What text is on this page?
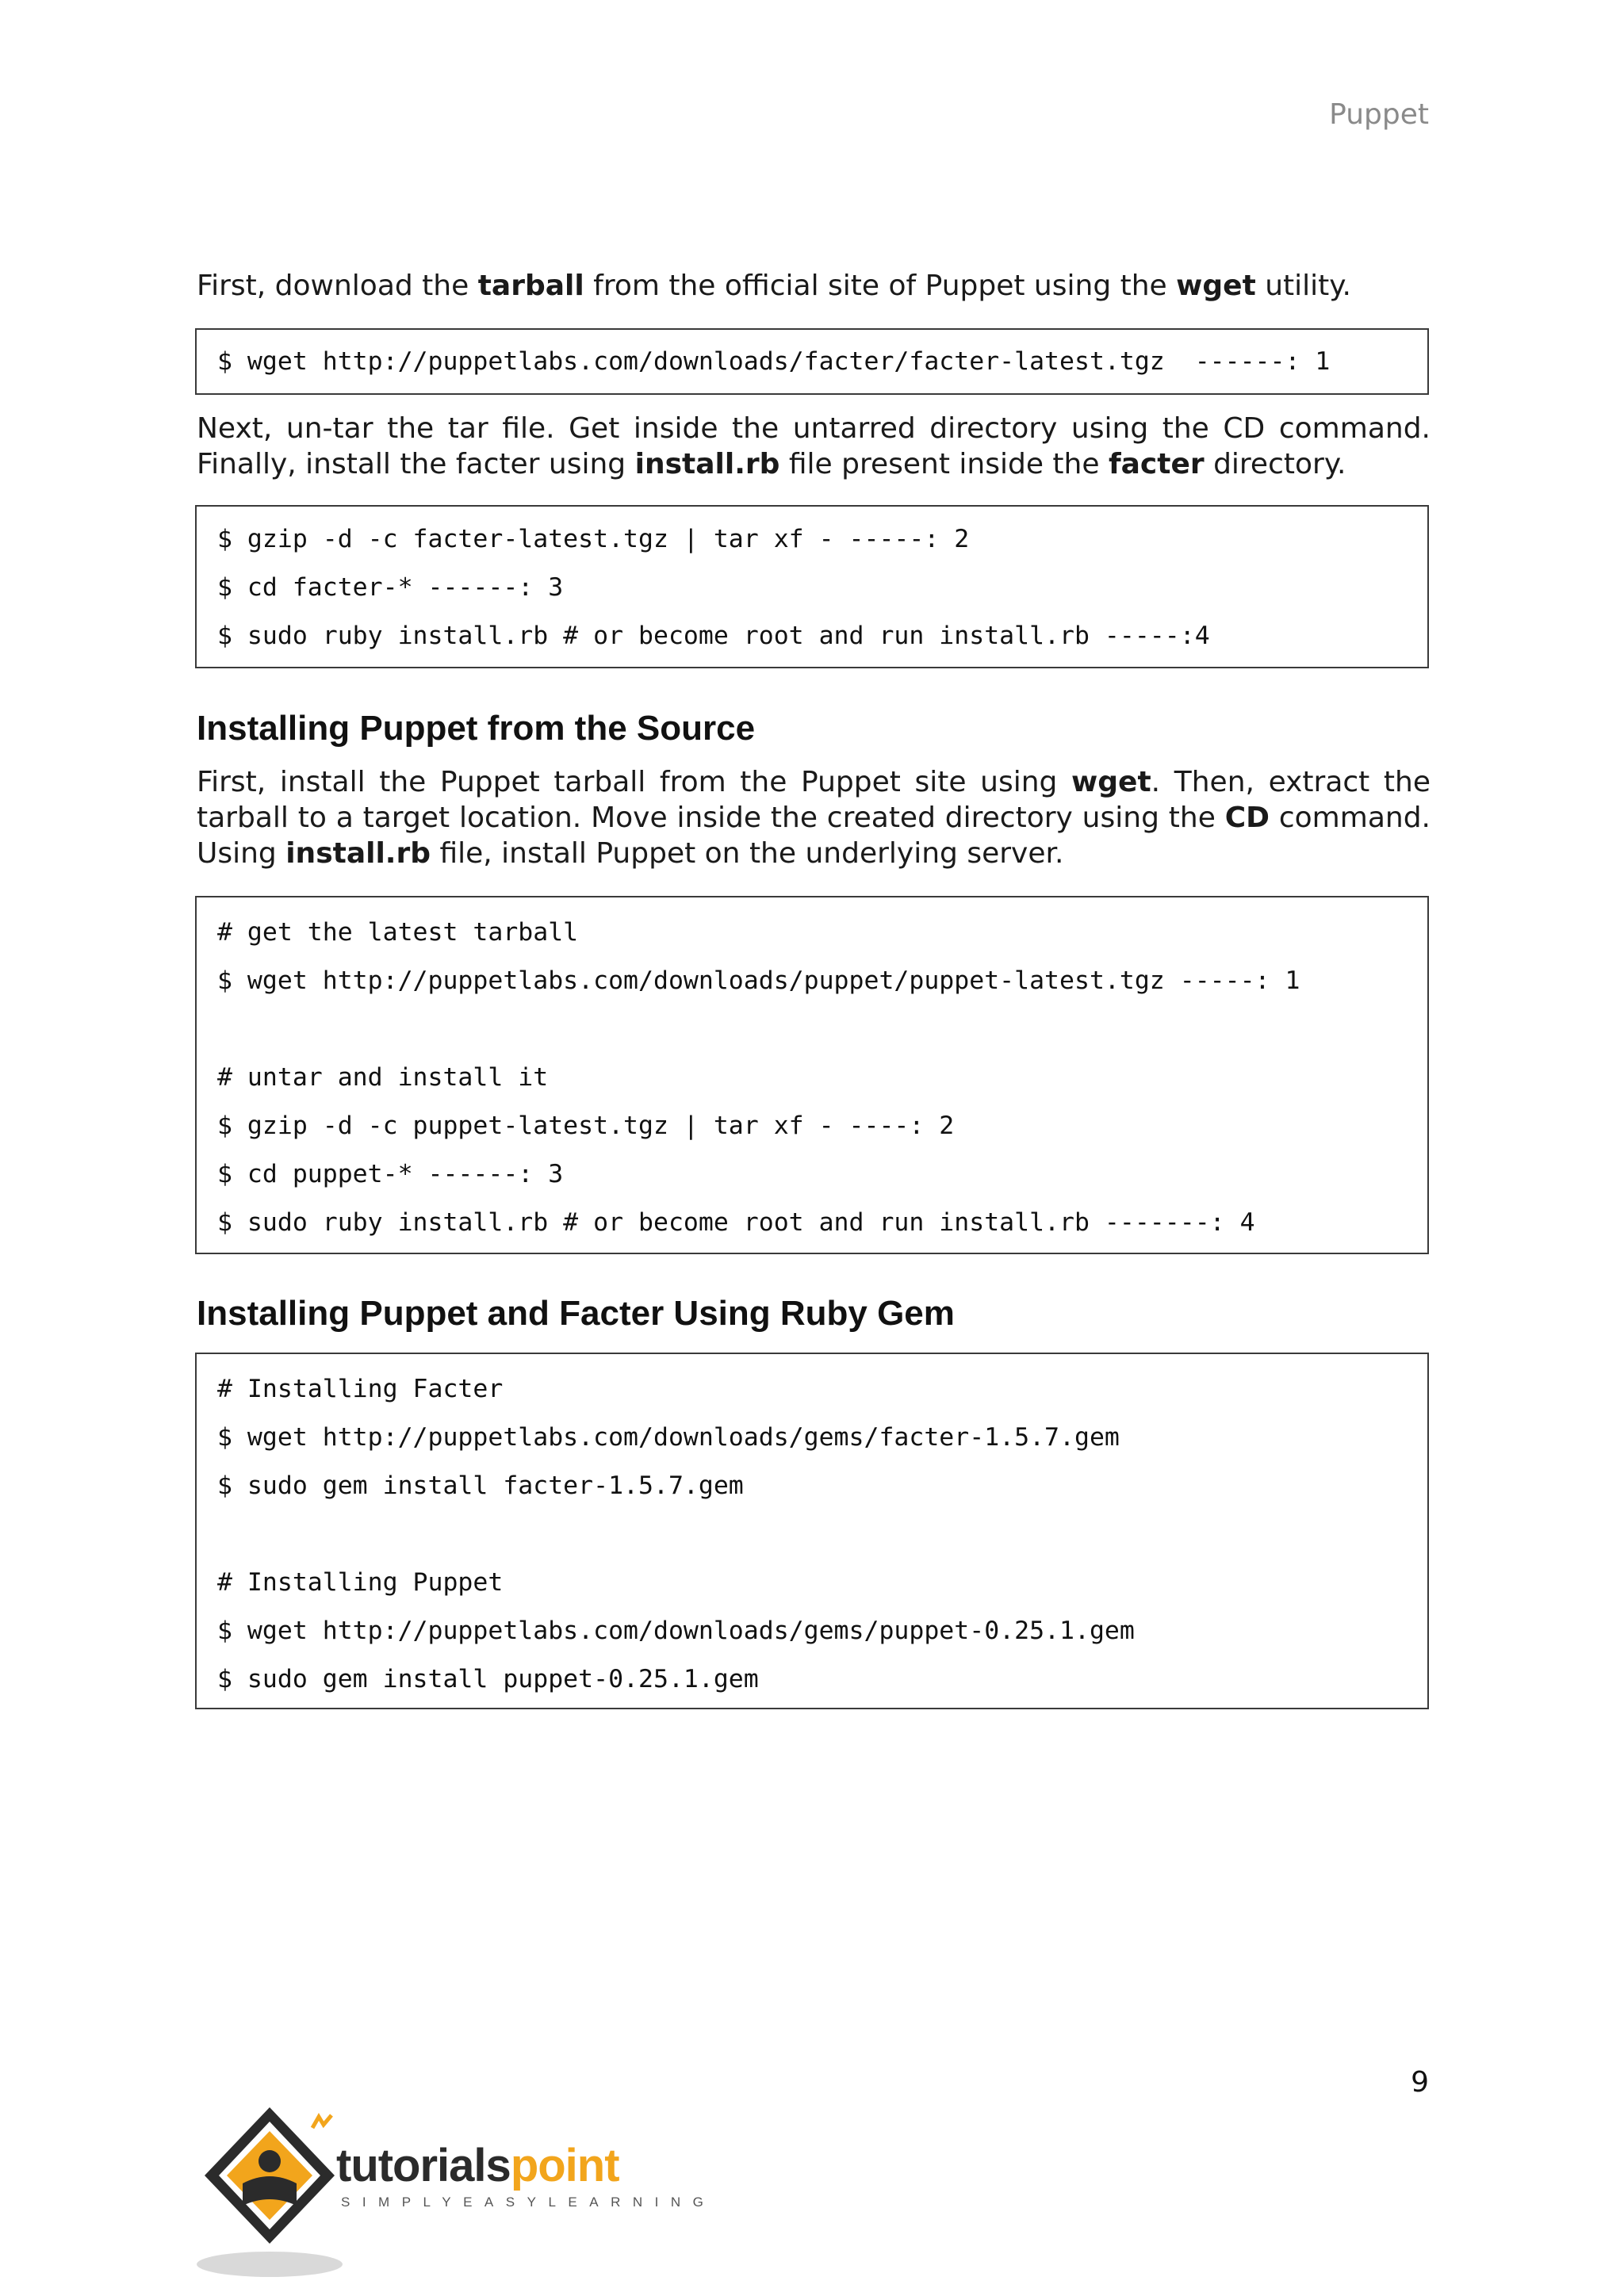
Puppet

First, download the tarball from the official site of Puppet using the wget utility.

$ wget http://puppetlabs.com/downloads/facter/facter-latest.tgz  ------: 1

Next, un-tar the tar file. Get inside the untarred directory using the CD command. Finally, install the facter using install.rb file present inside the facter directory.

$ gzip -d -c facter-latest.tgz | tar xf - -----: 2
$ cd facter-* ------: 3
$ sudo ruby install.rb # or become root and run install.rb -----:4
Installing Puppet from the Source

First, install the Puppet tarball from the Puppet site using wget. Then, extract the tarball to a target location. Move inside the created directory using the CD command. Using install.rb file, install Puppet on the underlying server.

# get the latest tarball
$ wget http://puppetlabs.com/downloads/puppet/puppet-latest.tgz -----: 1
# untar and install it
$ gzip -d -c puppet-latest.tgz | tar xf - ----: 2
$ cd puppet-* ------: 3
$ sudo ruby install.rb # or become root and run install.rb -------: 4
Installing Puppet and Facter Using Ruby Gem
# Installing Facter
$ wget http://puppetlabs.com/downloads/gems/facter-1.5.7.gem
$ sudo gem install facter-1.5.7.gem
# Installing Puppet
$ wget http://puppetlabs.com/downloads/gems/puppet-0.25.1.gem
$ sudo gem install puppet-0.25.1.gem
9
tutorialspoint
SIMPLYEASYLEARNING
